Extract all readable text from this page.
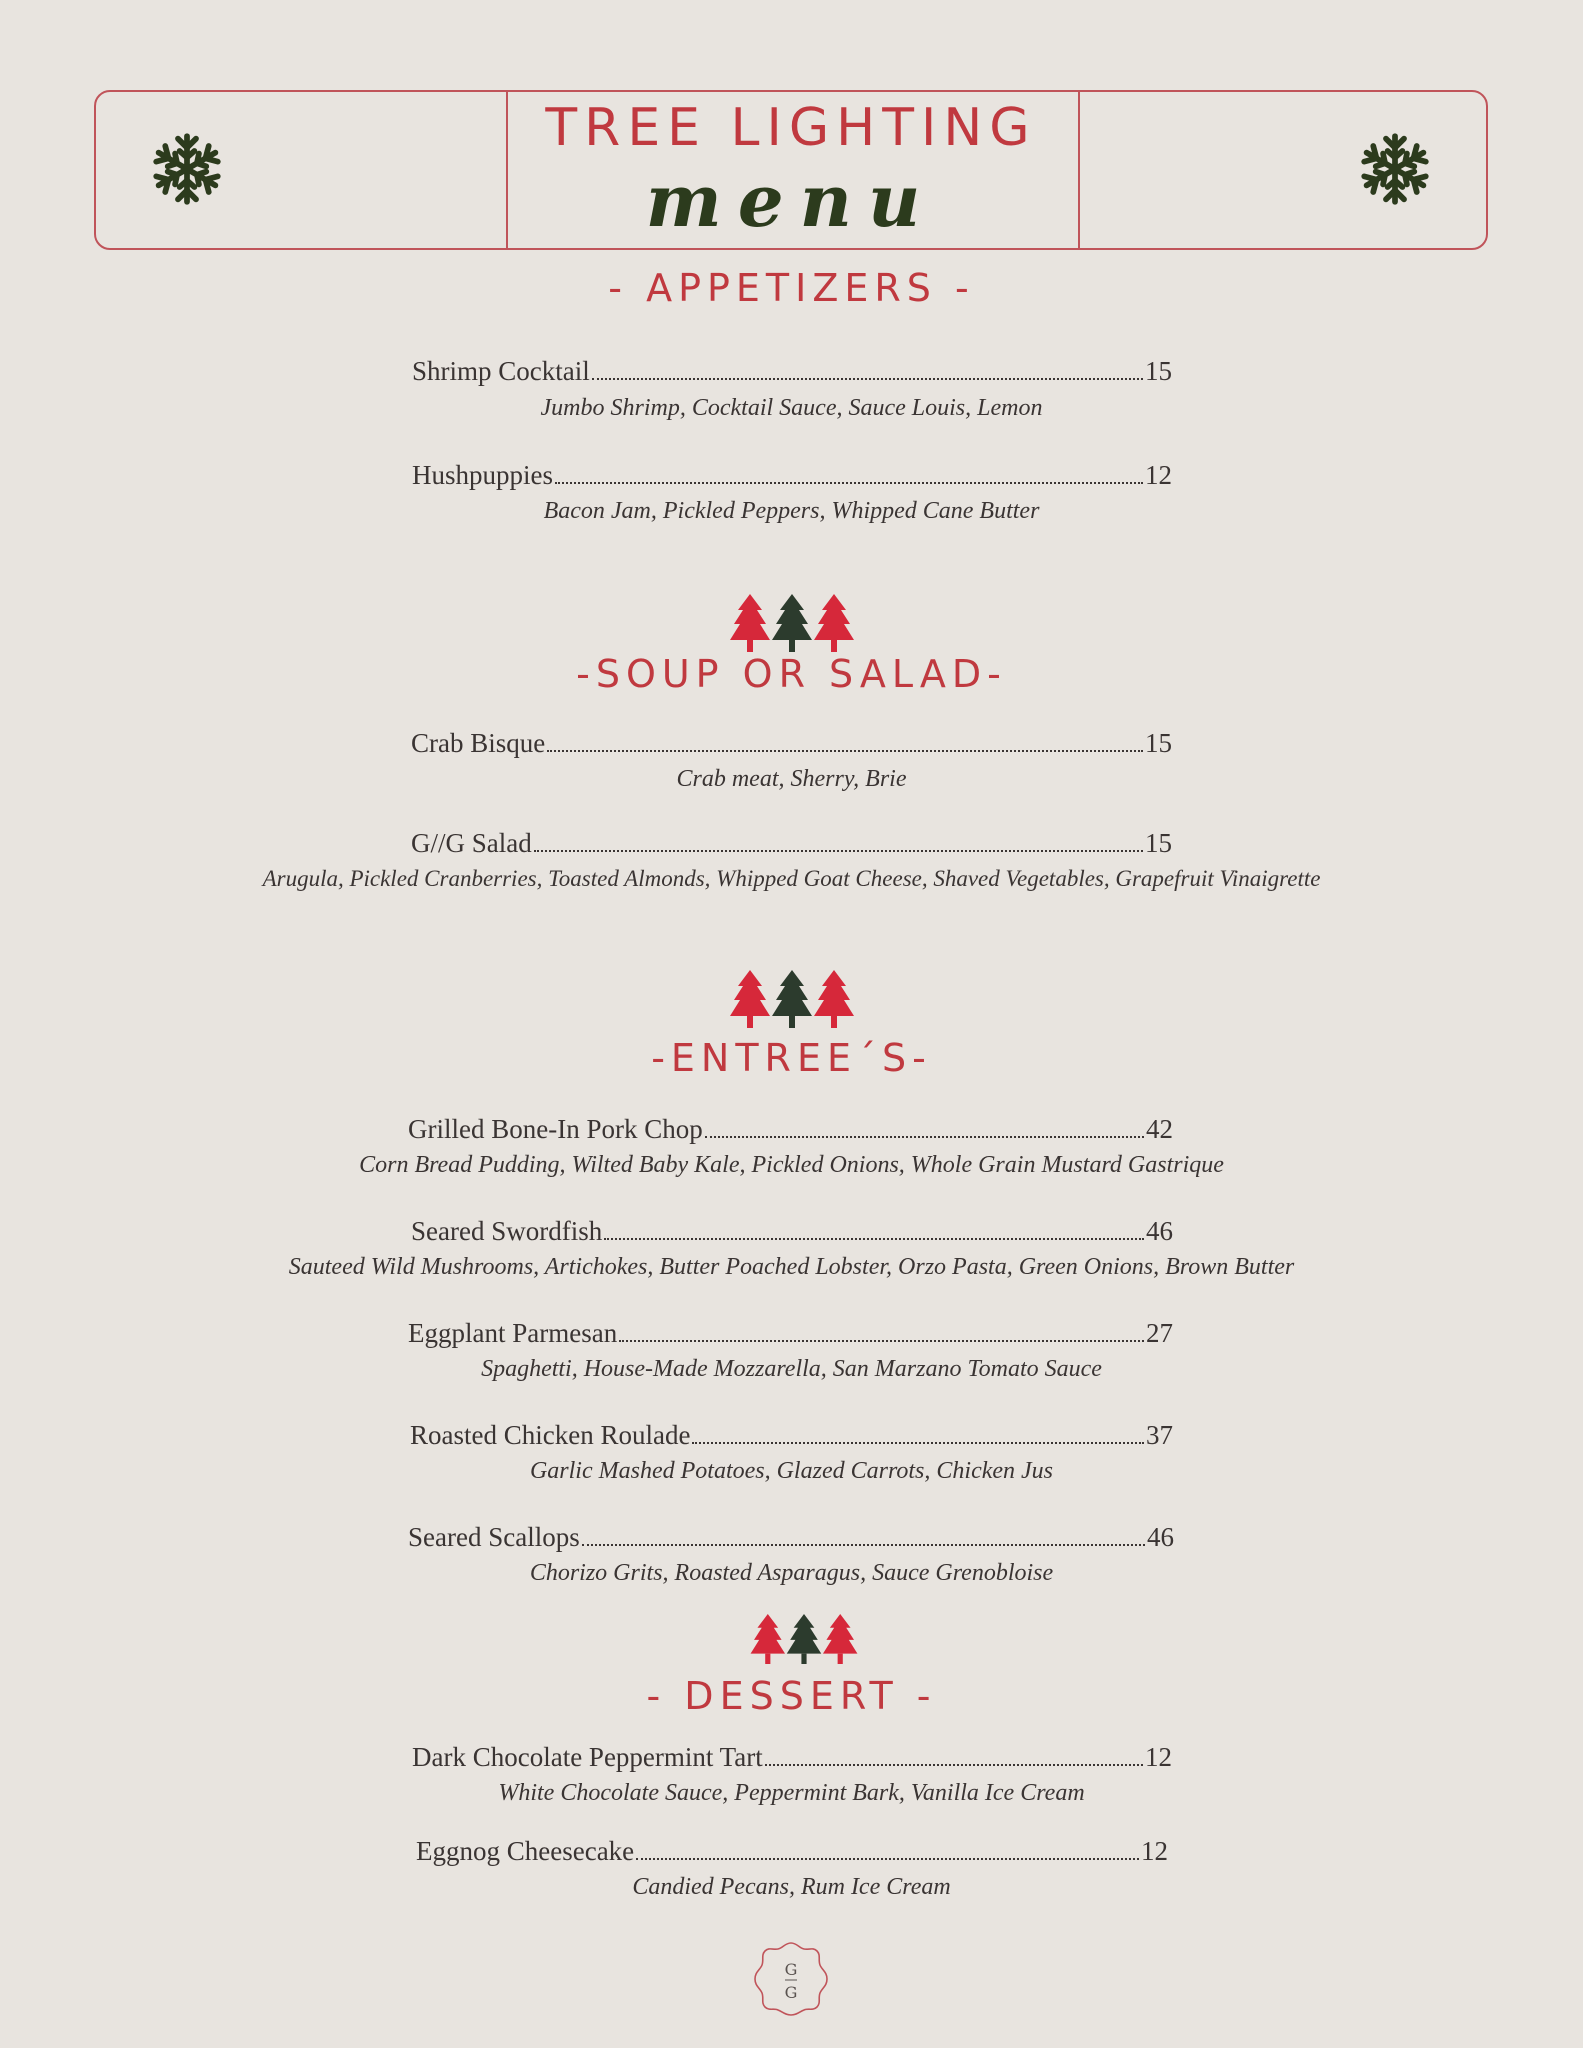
TREE LIGHTING
menu
- APPETIZERS -
Shrimp Cocktail	15
Jumbo Shrimp, Cocktail Sauce, Sauce Louis, Lemon
Hushpuppies	12
Bacon Jam, Pickled Peppers, Whipped Cane Butter
-SOUP OR SALAD-
Crab Bisque	15
Crab meat, Sherry, Brie
G//G Salad	15
Arugula, Pickled Cranberries, Toasted Almonds, Whipped Goat Cheese, Shaved Vegetables, Grapefruit Vinaigrette
-ENTREE´S-
Grilled Bone-In Pork Chop	42
Corn Bread Pudding, Wilted Baby Kale, Pickled Onions, Whole Grain Mustard Gastrique
Seared Swordfish	46
Sauteed Wild Mushrooms, Artichokes, Butter Poached Lobster, Orzo Pasta, Green Onions, Brown Butter
Eggplant Parmesan	27
Spaghetti, House-Made Mozzarella, San Marzano Tomato Sauce
Roasted Chicken Roulade	37
Garlic Mashed Potatoes, Glazed Carrots, Chicken Jus
Seared Scallops	46
Chorizo Grits, Roasted Asparagus, Sauce Grenobloise
- DESSERT -
Dark Chocolate Peppermint Tart	12
White Chocolate Sauce, Peppermint Bark, Vanilla Ice Cream
Eggnog Cheesecake	12
Candied Pecans, Rum Ice Cream
G
G
